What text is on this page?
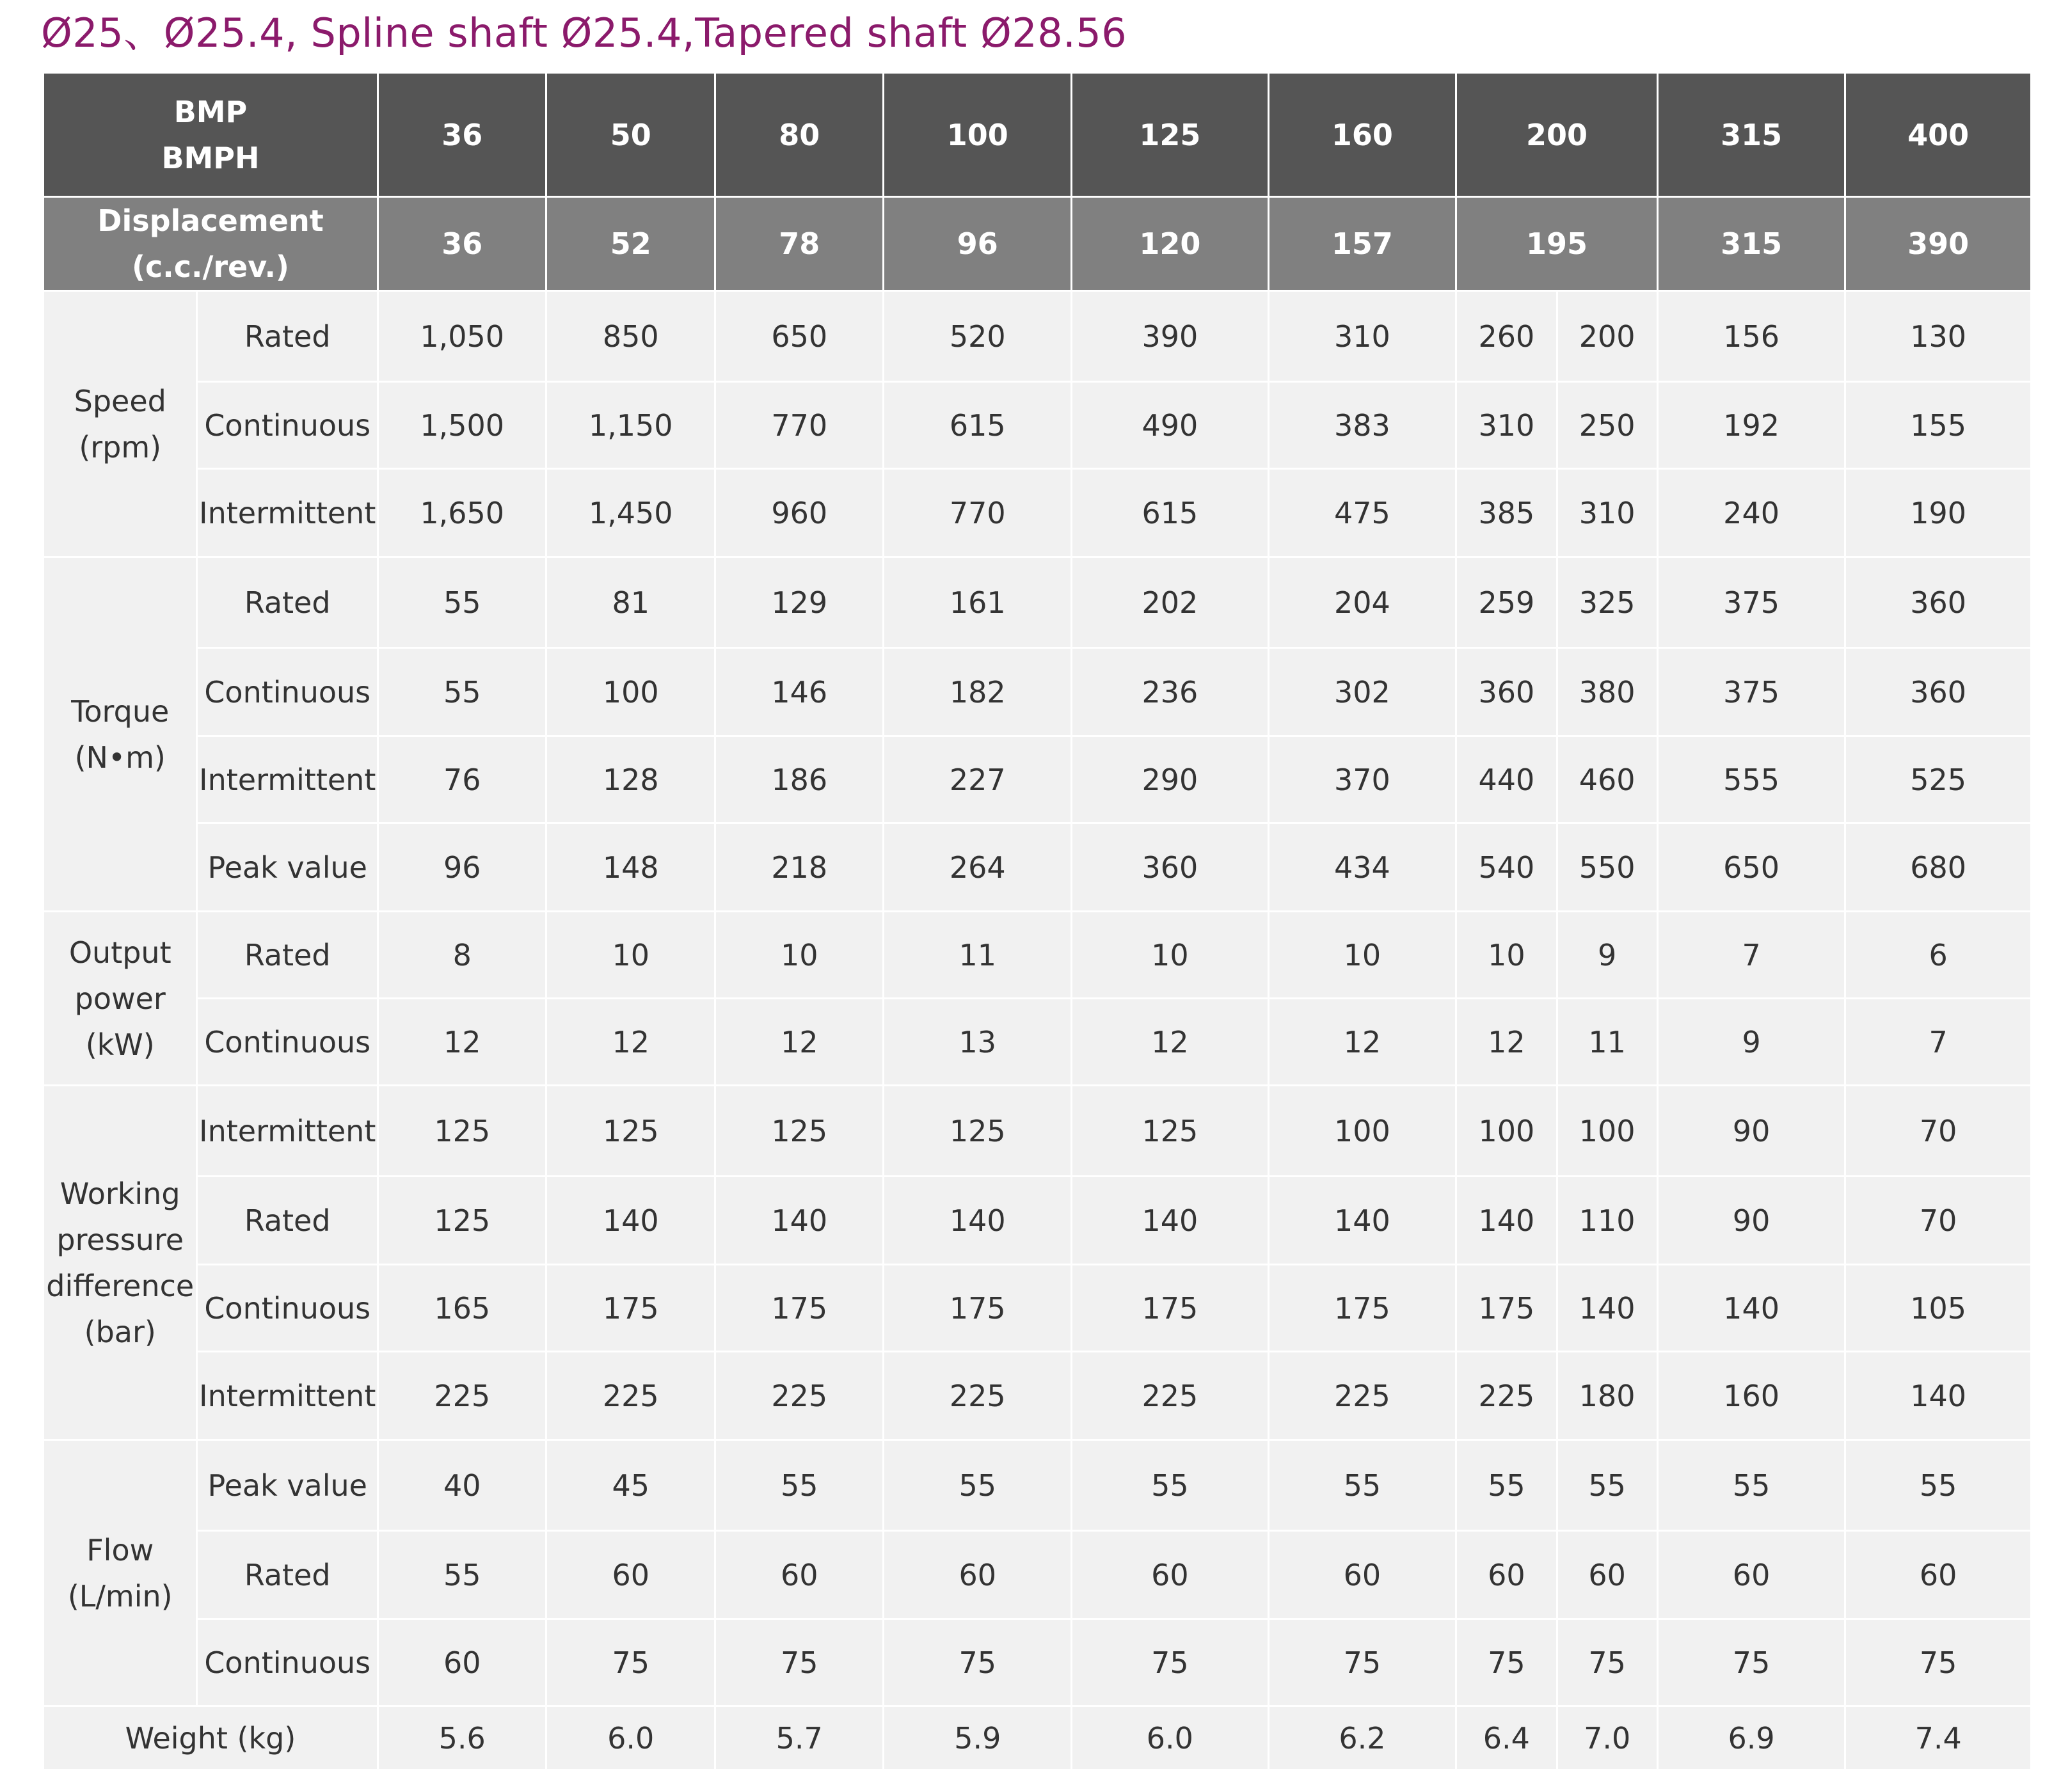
Ø25、Ø25.4, Spline shaft Ø25.4,Tapered shaft Ø28.56
BMP
BMPH		36	50	80	100	125	160	200		315	400

Displacement
(c.c./rev.)		36	52	78	96	120	157	195		315	390

Speed
(rpm)	Rated	1,050	850	650	520	390	310	260	200	156	130
	Continuous	1,500	1,150	770	615	490	383	310	250	192	155
	Intermittent	1,650	1,450	960	770	615	475	385	310	240	190

Torque
(N•m)	Rated	55	81	129	161	202	204	259	325	375	360
	Continuous	55	100	146	182	236	302	360	380	375	360
	Intermittent	76	128	186	227	290	370	440	460	555	525
	Peak value	96	148	218	264	360	434	540	550	650	680

Output
power
(kW)	Rated	8	10	10	11	10	10	10	9	7	6
	Continuous	12	12	12	13	12	12	12	11	9	7

Working
pressure
difference
(bar)	Intermittent	125	125	125	125	125	100	100	100	90	70
	Rated	125	140	140	140	140	140	140	110	90	70
	Continuous	165	175	175	175	175	175	175	140	140	105
	Intermittent	225	225	225	225	225	225	225	180	160	140

Flow
(L/min)	Peak value	40	45	55	55	55	55	55	55	55	55
	Rated	55	60	60	60	60	60	60	60	60	60
	Continuous	60	75	75	75	75	75	75	75	75	75
Weight (kg)		5.6	6.0	5.7	5.9	6.0	6.2	6.4	7.0	6.9	7.4
